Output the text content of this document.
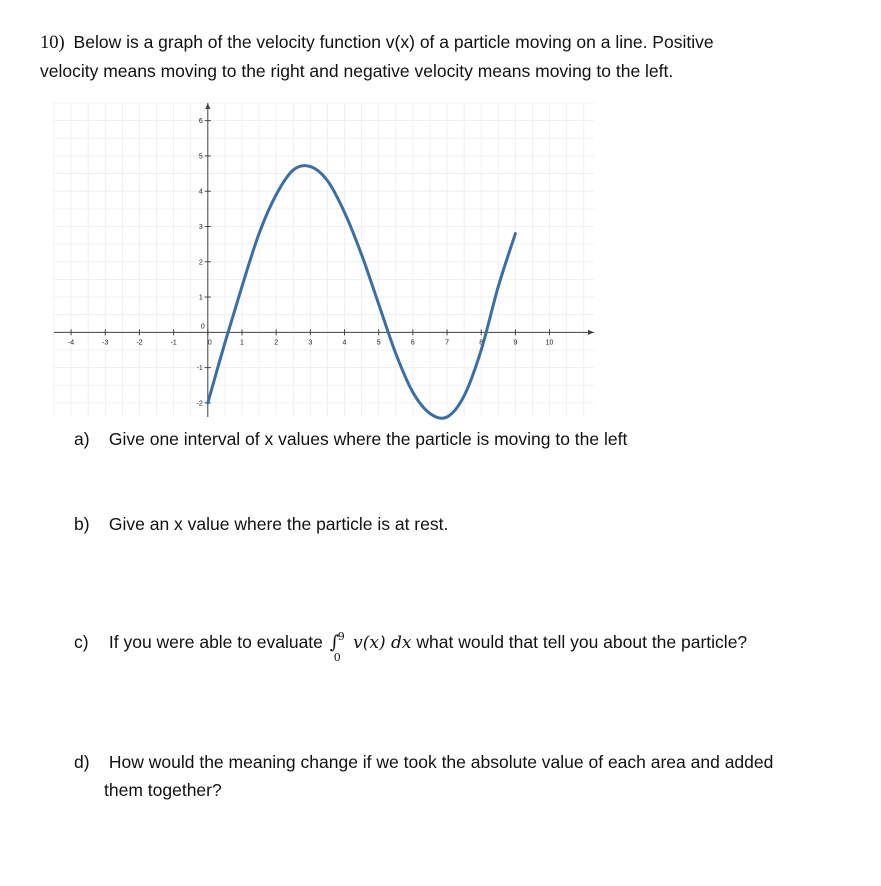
10) Below is a graph of the velocity function v(x) of a particle moving on a line. Positive
velocity means moving to the right and negative velocity means moving to the left.
-4	-3	-2	-1	0	1	2	3	4	5	6	7	8	9	10
-2
-1
0
1
2
3
4
5
6
a) Give one interval of x values where the particle is moving to the left
b) Give an x value where the particle is at rest.
c) If you were able to evaluate ∫
9
0
v(x) dx what would that tell you about the particle?
d) How would the meaning change if we took the absolute value of each area and added
them together?
